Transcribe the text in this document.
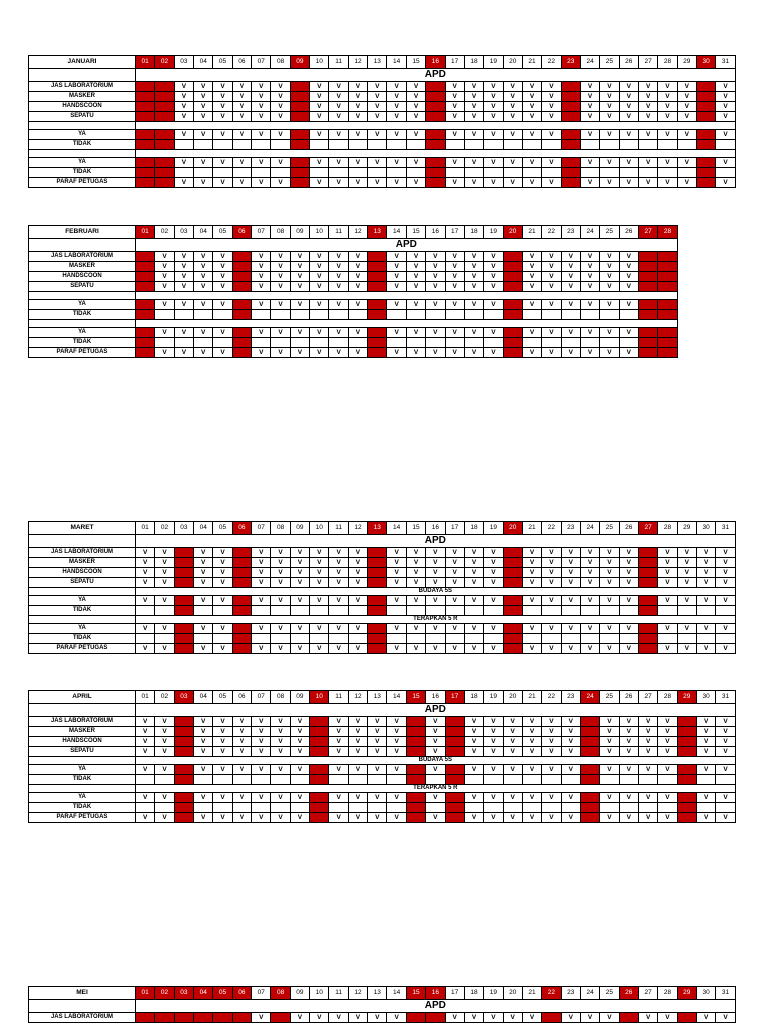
JANUARI	01	02	03	04	05	06	07	08	09	10	11	12	13	14	15	16	17	18	19	20	21	22	23	24	25	26	27	28	29	30	31
	APD																														
JAS LABORATORIUM			V	V	V	V	V	V		V	V	V	V	V	V		V	V	V	V	V	V		V	V	V	V	V	V		V
MASKER			V	V	V	V	V	V		V	V	V	V	V	V		V	V	V	V	V	V		V	V	V	V	V	V		V
HANDSCOON			V	V	V	V	V	V		V	V	V	V	V	V		V	V	V	V	V	V		V	V	V	V	V	V		V
SEPATU			V	V	V	V	V	V		V	V	V	V	V	V		V	V	V	V	V	V		V	V	V	V	V	V		V

YA			V	V	V	V	V	V		V	V	V	V	V	V		V	V	V	V	V	V		V	V	V	V	V	V		V
TIDAK																															

YA			V	V	V	V	V	V		V	V	V	V	V	V		V	V	V	V	V	V		V	V	V	V	V	V		V
TIDAK																															
PARAF PETUGAS			V	V	V	V	V	V		V	V	V	V	V	V		V	V	V	V	V	V		V	V	V	V	V	V		V
FEBRUARI	01	02	03	04	05	06	07	08	09	10	11	12	13	14	15	16	17	18	19	20	21	22	23	24	25	26	27	28
	APD																											
JAS LABORATORIUM		V	V	V	V		V	V	V	V	V	V		V	V	V	V	V	V		V	V	V	V	V	V		
MASKER		V	V	V	V		V	V	V	V	V	V		V	V	V	V	V	V		V	V	V	V	V	V		
HANDSCOON		V	V	V	V		V	V	V	V	V	V		V	V	V	V	V	V		V	V	V	V	V	V		
SEPATU		V	V	V	V		V	V	V	V	V	V		V	V	V	V	V	V		V	V	V	V	V	V		

YA		V	V	V	V		V	V	V	V	V	V		V	V	V	V	V	V		V	V	V	V	V	V		
TIDAK																												

YA		V	V	V	V		V	V	V	V	V	V		V	V	V	V	V	V		V	V	V	V	V	V		
TIDAK																												
PARAF PETUGAS		V	V	V	V		V	V	V	V	V	V		V	V	V	V	V	V		V	V	V	V	V	V		
MARET	01	02	03	04	05	06	07	08	09	10	11	12	13	14	15	16	17	18	19	20	21	22	23	24	25	26	27	28	29	30	31
	APD																														
JAS LABORATORIUM	V	V		V	V		V	V	V	V	V	V		V	V	V	V	V	V		V	V	V	V	V	V		V	V	V	V
MASKER	V	V		V	V		V	V	V	V	V	V		V	V	V	V	V	V		V	V	V	V	V	V		V	V	V	V
HANDSCOON	V	V		V	V		V	V	V	V	V	V		V	V	V	V	V	V		V	V	V	V	V	V		V	V	V	V
SEPATU	V	V		V	V		V	V	V	V	V	V		V	V	V	V	V	V		V	V	V	V	V	V		V	V	V	V
	BUDAYA 5S																														
YA	V	V		V	V		V	V	V	V	V	V		V	V	V	V	V	V		V	V	V	V	V	V		V	V	V	V
TIDAK																															
	TERAPKAN 5 R																														
YA	V	V		V	V		V	V	V	V	V	V		V	V	V	V	V	V		V	V	V	V	V	V		V	V	V	V
TIDAK																															
PARAF PETUGAS	V	V		V	V		V	V	V	V	V	V		V	V	V	V	V	V		V	V	V	V	V	V		V	V	V	V
APRIL	01	02	03	04	05	06	07	08	09	10	11	12	13	14	15	16	17	18	19	20	21	22	23	24	25	26	27	28	29	30	31
	APD																														
JAS LABORATORIUM	V	V		V	V	V	V	V	V		V	V	V	V		V		V	V	V	V	V	V		V	V	V	V		V	V
MASKER	V	V		V	V	V	V	V	V		V	V	V	V		V		V	V	V	V	V	V		V	V	V	V		V	V
HANDSCOON	V	V		V	V	V	V	V	V		V	V	V	V		V		V	V	V	V	V	V		V	V	V	V		V	V
SEPATU	V	V		V	V	V	V	V	V		V	V	V	V		V		V	V	V	V	V	V		V	V	V	V		V	V
	BUDAYA 5S																														
YA	V	V		V	V	V	V	V	V		V	V	V	V		V		V	V	V	V	V	V		V	V	V	V		V	V
TIDAK																															
	TERAPKAN 5 R																														
YA	V	V		V	V	V	V	V	V		V	V	V	V		V		V	V	V	V	V	V		V	V	V	V		V	V
TIDAK																															
PARAF PETUGAS	V	V		V	V	V	V	V	V		V	V	V	V		V		V	V	V	V	V	V		V	V	V	V		V	V
MEI	01	02	03	04	05	06	07	08	09	10	11	12	13	14	15	16	17	18	19	20	21	22	23	24	25	26	27	28	29	30	31
	APD																														
JAS LABORATORIUM							V		V	V	V	V	V	V			V	V	V	V	V		V	V	V		V	V		V	V
